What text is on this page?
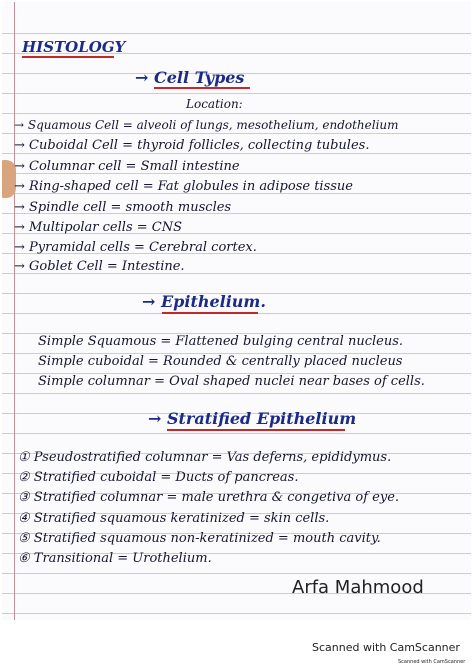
HISTOLOGY
→ Cell Types
Location:
→ Squamous Cell = alveoli of lungs, mesothelium, endothelium
→ Cuboidal Cell = thyroid follicles, collecting tubules.
→ Columnar cell = Small intestine
→ Ring-shaped cell = Fat globules in adipose tissue
→ Spindle cell = smooth muscles
→ Multipolar cells = CNS
→ Pyramidal cells = Cerebral cortex.
→ Goblet Cell = Intestine.
→ Epithelium.
Simple Squamous = Flattened bulging central nucleus.
Simple cuboidal = Rounded & centrally placed nucleus
Simple columnar = Oval shaped nuclei near bases of cells.
→ Stratified Epithelium
① Pseudostratified columnar = Vas deferns, epididymus.
② Stratified cuboidal = Ducts of pancreas.
③ Stratified columnar = male urethra & congetiva of eye.
④ Stratified squamous keratinized = skin cells.
⑤ Stratified squamous non-keratinized = mouth cavity.
⑥ Transitional = Urothelium.
Arfa Mahmood
Scanned with CamScanner
Scanned with CamScanner
